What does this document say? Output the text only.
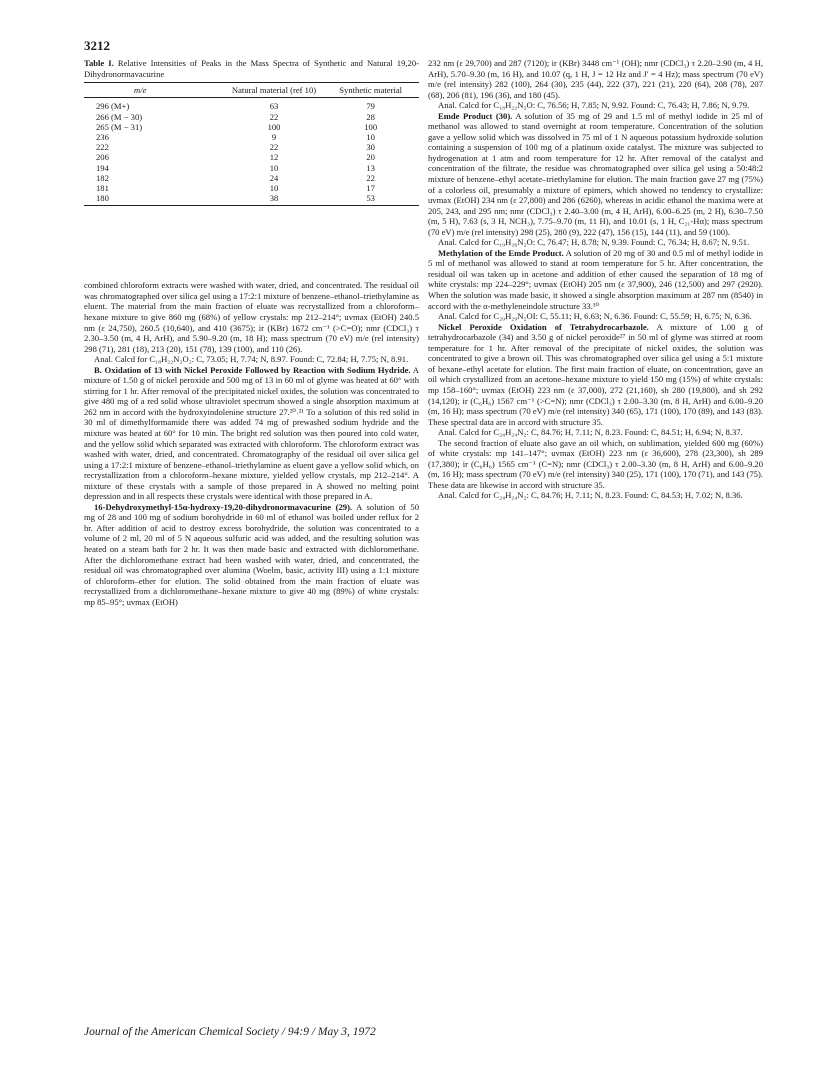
3212
Table I. Relative Intensities of Peaks in the Mass Spectra of Synthetic and Natural 19,20-Dihydronormavacurine
m/e	Natural material (ref 10)	Synthetic material
296 (M+)	63	79
266 (M − 30)	22	28
265 (M − 31)	100	100
236	9	10
222	22	30
206	12	20
194	10	13
182	24	22
181	10	17
180	38	53

combined chloroform extracts were washed with water, dried, and concentrated. The residual oil was chromatographed over silica gel using a 17:2:1 mixture of benzene–ethanol–triethylamine as eluent. The material from the main fraction of eluate was recrystallized from a chloroform–hexane mixture to give 860 mg (68%) of yellow crystals: mp 212–214°; uvmax (EtOH) 240.5 nm (ε 24,750), 260.5 (10,640), and 410 (3675); ir (KBr) 1672 cm⁻¹ (>C=O); nmr (CDCl₃) τ 2.30–3.50 (m, 4 H, ArH), and 5.90–9.20 (m, 18 H); mass spectrum (70 eV) m/e (rel intensity) 298 (71), 281 (18), 213 (20), 151 (78), 139 (100), and 110 (26).

Anal. Calcd for C₁₈H₂₂N₂O₂: C, 73.05; H, 7.74; N, 8.97. Found: C, 72.84; H, 7.75; N, 8.91.

B. Oxidation of 13 with Nickel Peroxide Followed by Reaction with Sodium Hydride. A mixture of 1.50 g of nickel peroxide and 500 mg of 13 in 60 ml of glyme was heated at 60° with stirring for 1 hr. After removal of the precipitated nickel oxides, the solution was concentrated to give 480 mg of a red solid whose ultraviolet spectrum showed a single absorption maximum at 262 nm in accord with the hydroxyindolenine structure 27.²⁰˒²¹ To a solution of this red solid in 30 ml of dimethylformamide there was added 74 mg of prewashed sodium hydride and the mixture was heated at 60° for 10 min. The bright red solution was then poured into cold water, and the yellow solid which separated was extracted with chloroform. The chloroform extract was washed with water, dried, and concentrated. Chromatography of the residual oil over silica gel using a 17:2:1 mixture of benzene–ethanol–triethylamine as eluent gave a yellow solid which, on recrystallization from a chloroform–hexane mixture, yielded yellow crystals, mp 212–214°. A mixture of these crystals with a sample of those prepared in A showed no melting point depression and in all respects these crystals were identical with those prepared in A.

16-Dehydroxymethyl-15α-hydroxy-19,20-dihydronormavacurine (29). A solution of 50 mg of 28 and 100 mg of sodium borohydride in 60 ml of ethanol was boiled under reflux for 2 hr. After addition of acid to destroy excess borohydride, the solution was concentrated to a volume of 2 ml, 20 ml of 5 N aqueous sulfuric acid was added, and the resulting solution was heated on a steam bath for 2 hr. It was then made basic and extracted with dichloromethane. After the dichloromethane extract had been washed with water, dried, and concentrated, the residual oil was chromatographed over alumina (Woelm, basic, activity III) using a 1:1 mixture of chloroform–ether for elution. The solid obtained from the main fraction of eluate was recrystallized from a dichloromethane–hexane mixture to give 40 mg (89%) of white crystals: mp 85–95°; uvmax (EtOH)

232 nm (ε 29,700) and 287 (7120); ir (KBr) 3448 cm⁻¹ (OH); nmr (CDCl₃) τ 2.20–2.90 (m, 4 H, ArH), 5.70–9.30 (m, 16 H), and 10.07 (q, 1 H, J = 12 Hz and J′ = 4 Hz); mass spectrum (70 eV) m/e (rel intensity) 282 (100), 264 (30), 235 (44), 222 (37), 221 (21), 220 (64), 208 (78), 207 (68), 206 (81), 196 (36), and 180 (45).

Anal. Calcd for C₁₈H₂₂N₂O: C, 76.56; H, 7.85; N, 9.92. Found: C, 76.43; H, 7.86; N, 9.79.

Emde Product (30). A solution of 35 mg of 29 and 1.5 ml of methyl iodide in 25 ml of methanol was allowed to stand overnight at room temperature. Concentration of the solution gave a yellow solid which was dissolved in 75 ml of 1 N aqueous potassium hydroxide solution containing a suspension of 100 mg of a platinum oxide catalyst. The mixture was subjected to hydrogenation at 1 atm and room temperature for 12 hr. After removal of the catalyst and concentration of the filtrate, the residue was chromatographed over silica gel using a 50:48:2 mixture of benzene–ethyl acetate–triethylamine for elution. The main fraction gave 27 mg (75%) of a colorless oil, presumably a mixture of epimers, which showed no tendency to crystallize: uvmax (EtOH) 234 nm (ε 27,800) and 286 (6260), whereas in acidic ethanol the maxima were at 205, 243, and 295 nm; nmr (CDCl₃) τ 2.40–3.00 (m, 4 H, ArH), 6.00–6.25 (m, 2 H), 6.30–7.50 (m, 5 H), 7.63 (s, 3 H, NCH₃), 7.75–9.70 (m, 11 H), and 10.01 (s, 1 H, C₂₁-Hα); mass spectrum (70 eV) m/e (rel intensity) 298 (25), 280 (9), 222 (47), 156 (15), 144 (11), and 59 (100).

Anal. Calcd for C₁₉H₂₆N₂O: C, 76.47; H, 8.78; N, 9.39. Found: C, 76.34; H, 8.67; N, 9.51.

Methylation of the Emde Product. A solution of 20 mg of 30 and 0.5 ml of methyl iodide in 5 ml of methanol was allowed to stand at room temperature for 5 hr. After concentration, the residual oil was taken up in acetone and addition of ether caused the separation of 18 mg of white crystals: mp 224–229°; uvmax (EtOH) 205 nm (ε 37,900), 246 (12,500) and 297 (2920). When the solution was made basic, it showed a single absorption maximum at 287 nm (8540) in accord with the α-methyleneindole structure 33.¹⁰

Anal. Calcd for C₂₀H₂₉N₂OI: C, 55.11; H, 6.63; N, 6.36. Found: C, 55.59; H, 6.75; N, 6.36.

Nickel Peroxide Oxidation of Tetrahydrocarbazole. A mixture of 1.00 g of tetrahydrocarbazole (34) and 3.50 g of nickel peroxide²⁷ in 50 ml of glyme was stirred at room temperature for 1 hr. After removal of the precipitate of nickel oxides, the solution was concentrated to give a brown oil. This was chromatographed over silica gel using a 5:1 mixture of hexane–ethyl acetate for elution. The first main fraction of eluate, on concentration, gave an oil which crystallized from an acetone–hexane mixture to yield 150 mg (15%) of white crystals: mp 158–160°; uvmax (EtOH) 223 nm (ε 37,000), 272 (21,160), sh 280 (19,800), and sh 292 (14,120); ir (C₆H₆) 1567 cm⁻¹ (>C=N); nmr (CDCl₃) τ 2.00–3.30 (m, 8 H, ArH) and 6.00–9.20 (m, 16 H); mass spectrum (70 eV) m/e (rel intensity) 340 (65), 171 (100), 170 (89), and 143 (83). These spectral data are in accord with structure 35.

Anal. Calcd for C₂₄H₂₄N₂: C, 84.76; H, 7.11; N, 8.23. Found: C, 84.51; H, 6.94; N, 8.37.

The second fraction of eluate also gave an oil which, on sublimation, yielded 600 mg (60%) of white crystals: mp 141–147°; uvmax (EtOH) 223 nm (ε 36,600), 278 (23,300), sh 289 (17,380); ir (C₆H₆) 1565 cm⁻¹ (C=N); nmr (CDCl₃) τ 2.00–3.30 (m, 8 H, ArH) and 6.00–9.20 (m, 16 H); mass spectrum (70 eV) m/e (rel intensity) 340 (25), 171 (100), 170 (71), and 143 (75). These data are likewise in accord with structure 35.

Anal. Calcd for C₂₄H₂₄N₂: C, 84.76; H, 7.11; N, 8.23. Found: C, 84.53; H, 7.02; N, 8.36.

Journal of the American Chemical Society / 94:9 / May 3, 1972
